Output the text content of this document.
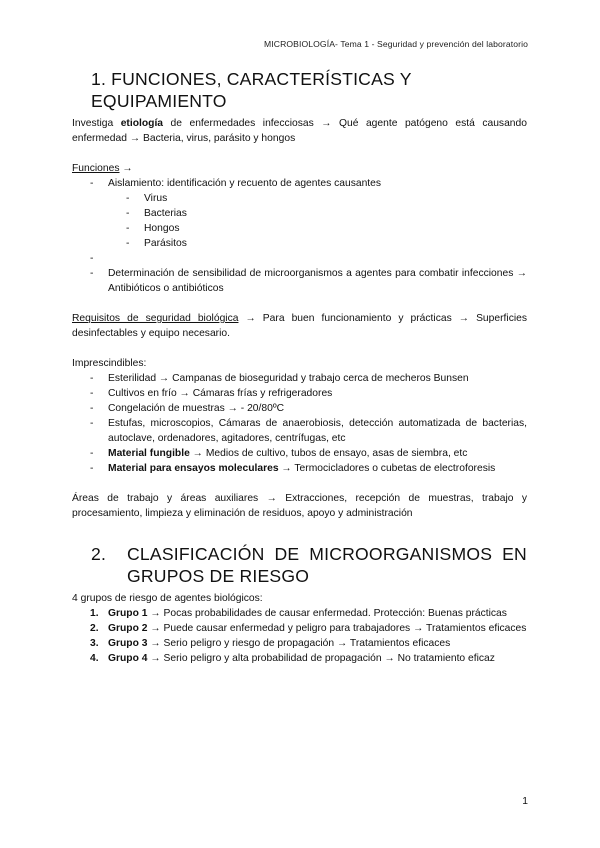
MICROBIOLOGÍA- Tema 1 - Seguridad y prevención del laboratorio
1. FUNCIONES, CARACTERÍSTICAS Y EQUIPAMIENTO

Investiga etiología de enfermedades infecciosas → Qué agente patógeno está causando enfermedad → Bacteria, virus, parásito y hongos

Funciones →

- Aislamiento: identificación y recuento de agentes causantes
- Virus
- Bacterias
- Hongos
- Parásitos
-
- Determinación de sensibilidad de microorganismos a agentes para combatir infecciones → Antibióticos o antibióticos

Requisitos de seguridad biológica → Para buen funcionamiento y prácticas → Superficies desinfectables y equipo necesario.

Imprescindibles:

- Esterilidad → Campanas de bioseguridad y trabajo cerca de mecheros Bunsen
- Cultivos en frío → Cámaras frías y refrigeradores
- Congelación de muestras → - 20/80ºC
- Estufas, microscopios, Cámaras de anaerobiosis, detección automatizada de bacterias, autoclave, ordenadores, agitadores, centrífugas, etc
- Material fungible → Medios de cultivo, tubos de ensayo, asas de siembra, etc
- Material para ensayos moleculares → Termocicladores o cubetas de electroforesis

Áreas de trabajo y áreas auxiliares → Extracciones, recepción de muestras, trabajo y procesamiento, limpieza y eliminación de residuos, apoyo y administración

2.	CLASIFICACIÓN DE MICROORGANISMOS EN
GRUPOS DE RIESGO

4 grupos de riesgo de agentes biológicos:

1. Grupo 1 → Pocas probabilidades de causar enfermedad. Protección: Buenas prácticas
2. Grupo 2 → Puede causar enfermedad y peligro para trabajadores → Tratamientos eficaces
3. Grupo 3 → Serio peligro y riesgo de propagación → Tratamientos eficaces
4. Grupo 4 → Serio peligro y alta probabilidad de propagación → No tratamiento eficaz
1
